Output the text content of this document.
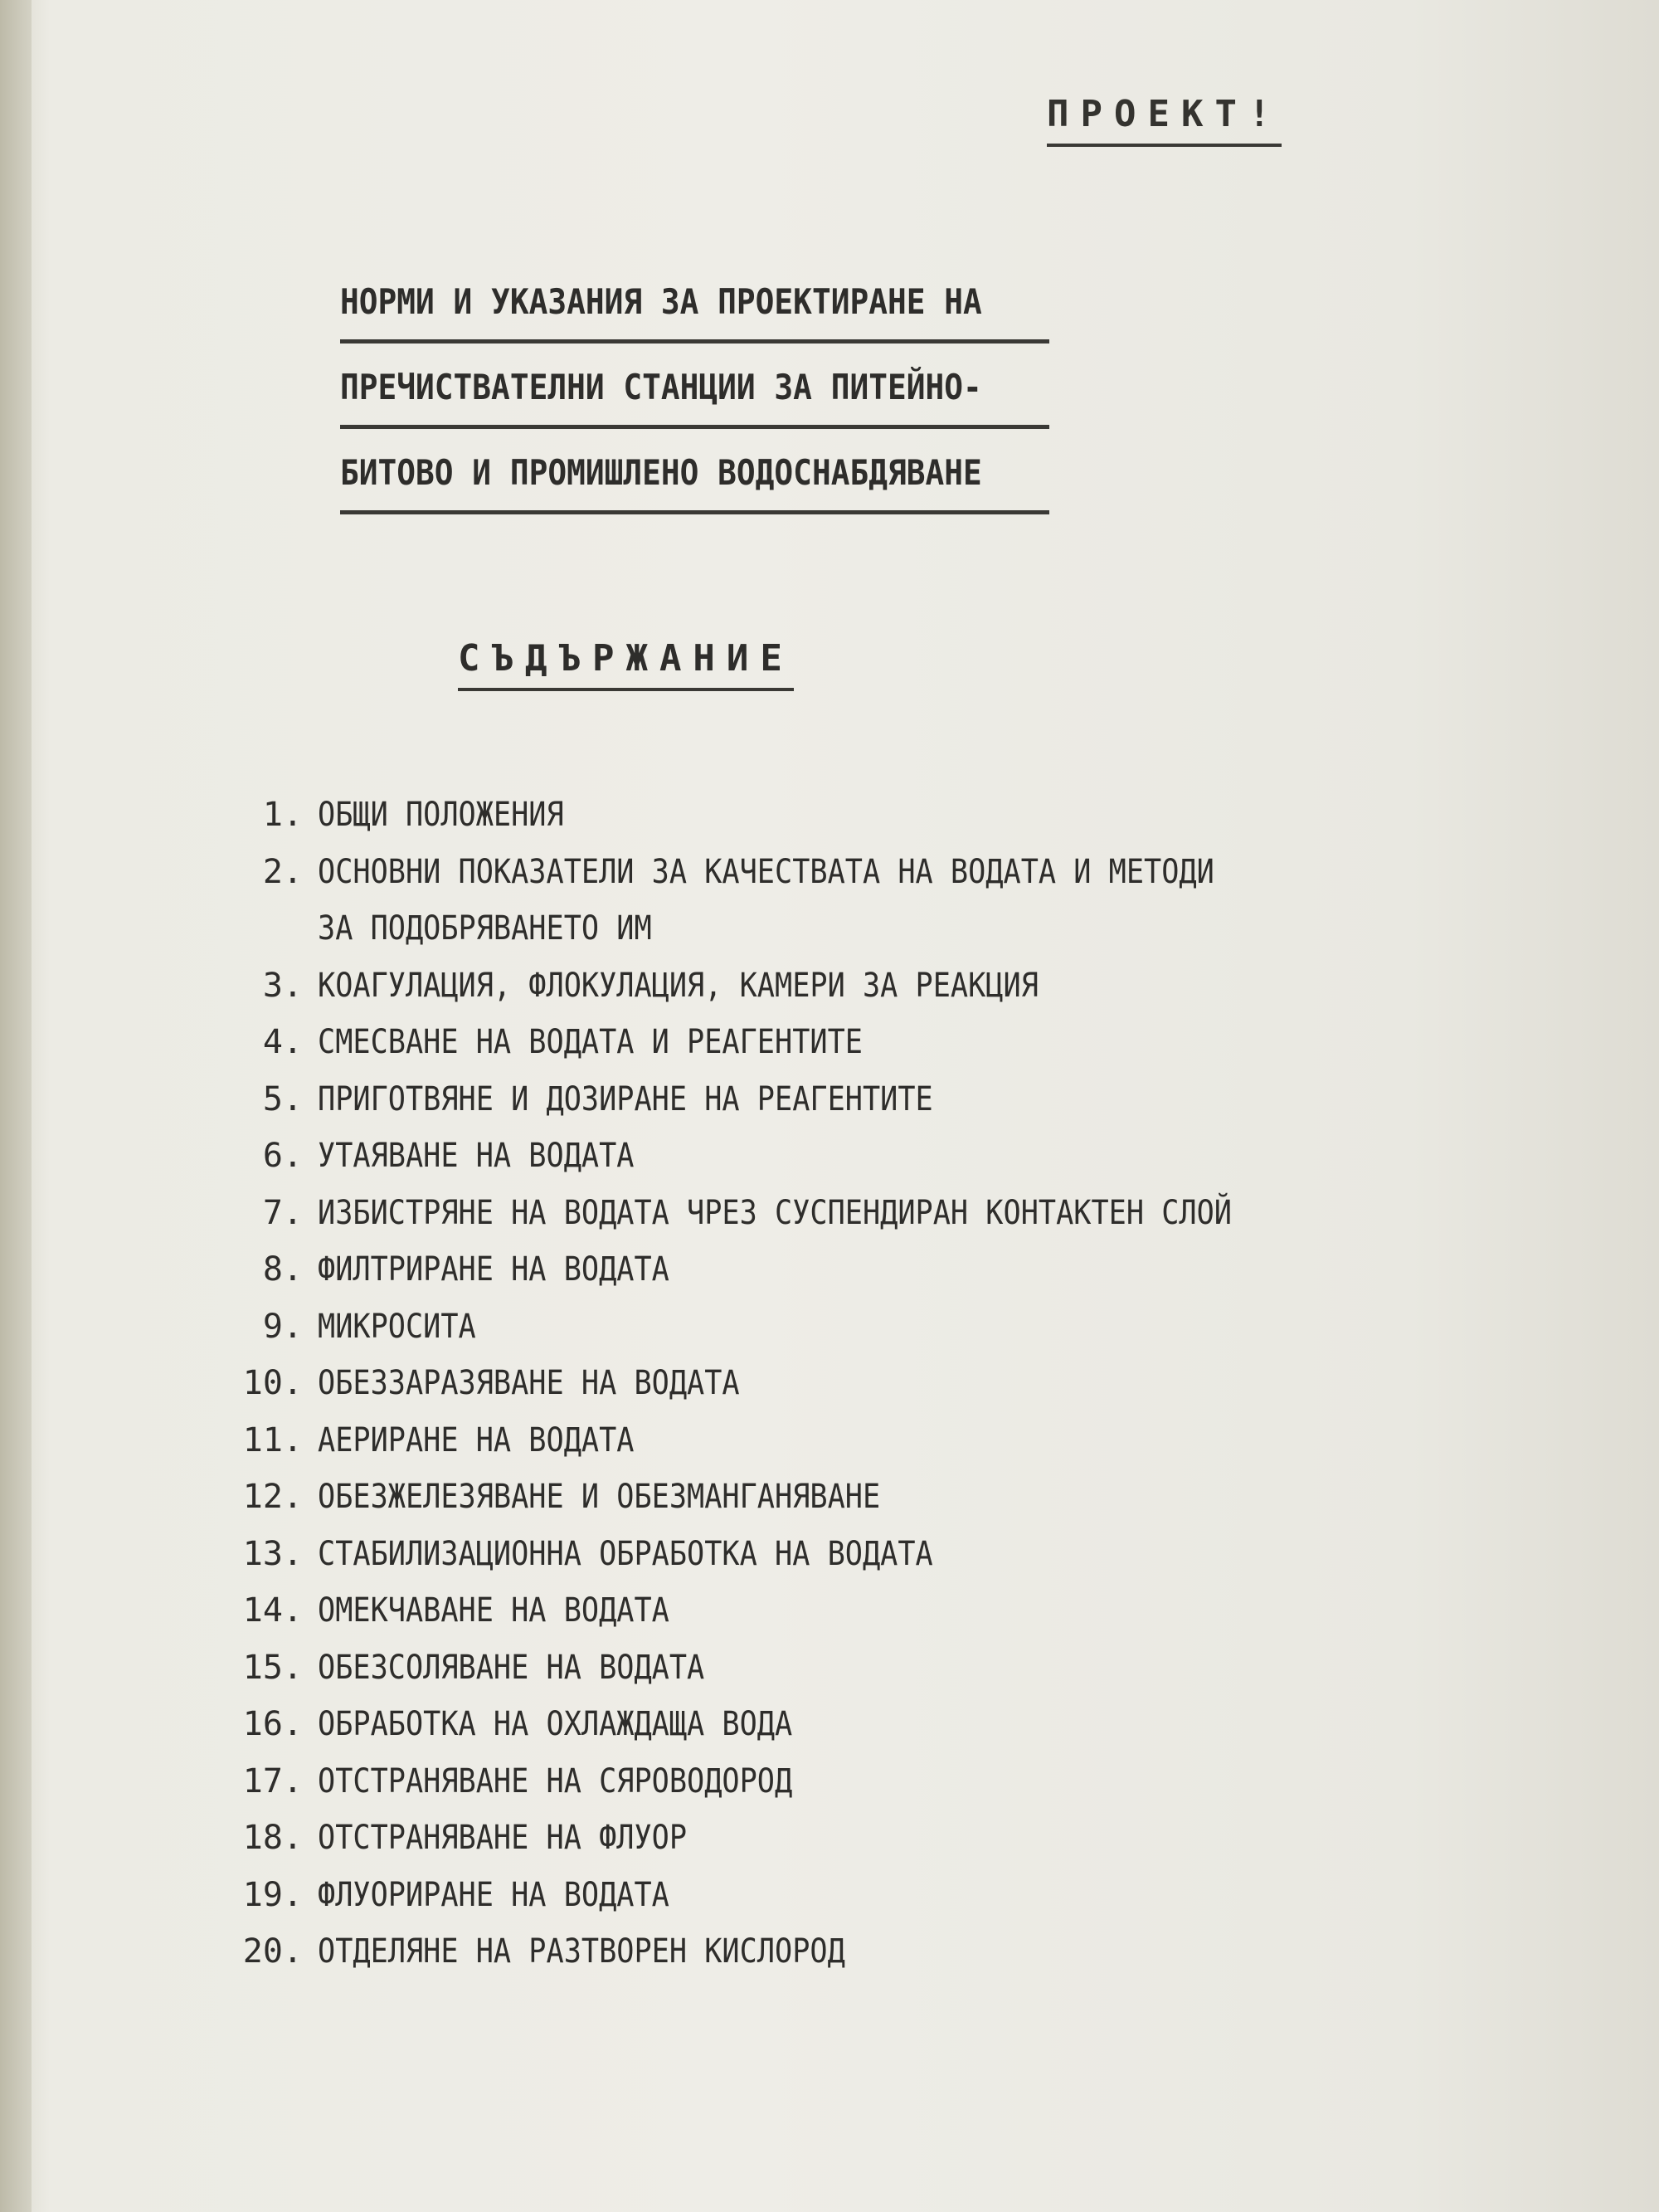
ПРОЕКТ!
НОРМИ И УКАЗАНИЯ ЗА ПРОЕКТИРАНЕ НА
ПРЕЧИСТВАТЕЛНИ СТАНЦИИ ЗА ПИТЕЙНО-
БИТОВО И ПРОМИШЛЕНО ВОДОСНАБДЯВАНЕ
СЪДЪРЖАНИЕ
1. ОБЩИ ПОЛОЖЕНИЯ
2. ОСНОВНИ ПОКАЗАТЕЛИ ЗА КАЧЕСТВАТА НА ВОДАТА И МЕТОДИ
ЗА ПОДОБРЯВАНЕТО ИМ
3. КОАГУЛАЦИЯ, ФЛОКУЛАЦИЯ, КАМЕРИ ЗА РЕАКЦИЯ
4. СМЕСВАНЕ НА ВОДАТА И РЕАГЕНТИТЕ
5. ПРИГОТВЯНЕ И ДОЗИРАНЕ НА РЕАГЕНТИТЕ
6. УТАЯВАНЕ НА ВОДАТА
7. ИЗБИСТРЯНЕ НА ВОДАТА ЧРЕЗ СУСПЕНДИРАН КОНТАКТЕН СЛОЙ
8. ФИЛТРИРАНЕ НА ВОДАТА
9. МИКРОСИТА
10. ОБЕЗЗАРАЗЯВАНЕ НА ВОДАТА
11. АЕРИРАНЕ НА ВОДАТА
12. ОБЕЗЖЕЛЕЗЯВАНЕ И ОБЕЗМАНГАНЯВАНЕ
13. СТАБИЛИЗАЦИОННА ОБРАБОТКА НА ВОДАТА
14. ОМЕКЧАВАНЕ НА ВОДАТА
15. ОБЕЗСОЛЯВАНЕ НА ВОДАТА
16. ОБРАБОТКА НА ОХЛАЖДАЩА ВОДА
17. ОТСТРАНЯВАНЕ НА СЯРОВОДОРОД
18. ОТСТРАНЯВАНЕ НА ФЛУОР
19. ФЛУОРИРАНЕ НА ВОДАТА
20. ОТДЕЛЯНЕ НА РАЗТВОРЕН КИСЛОРОД
